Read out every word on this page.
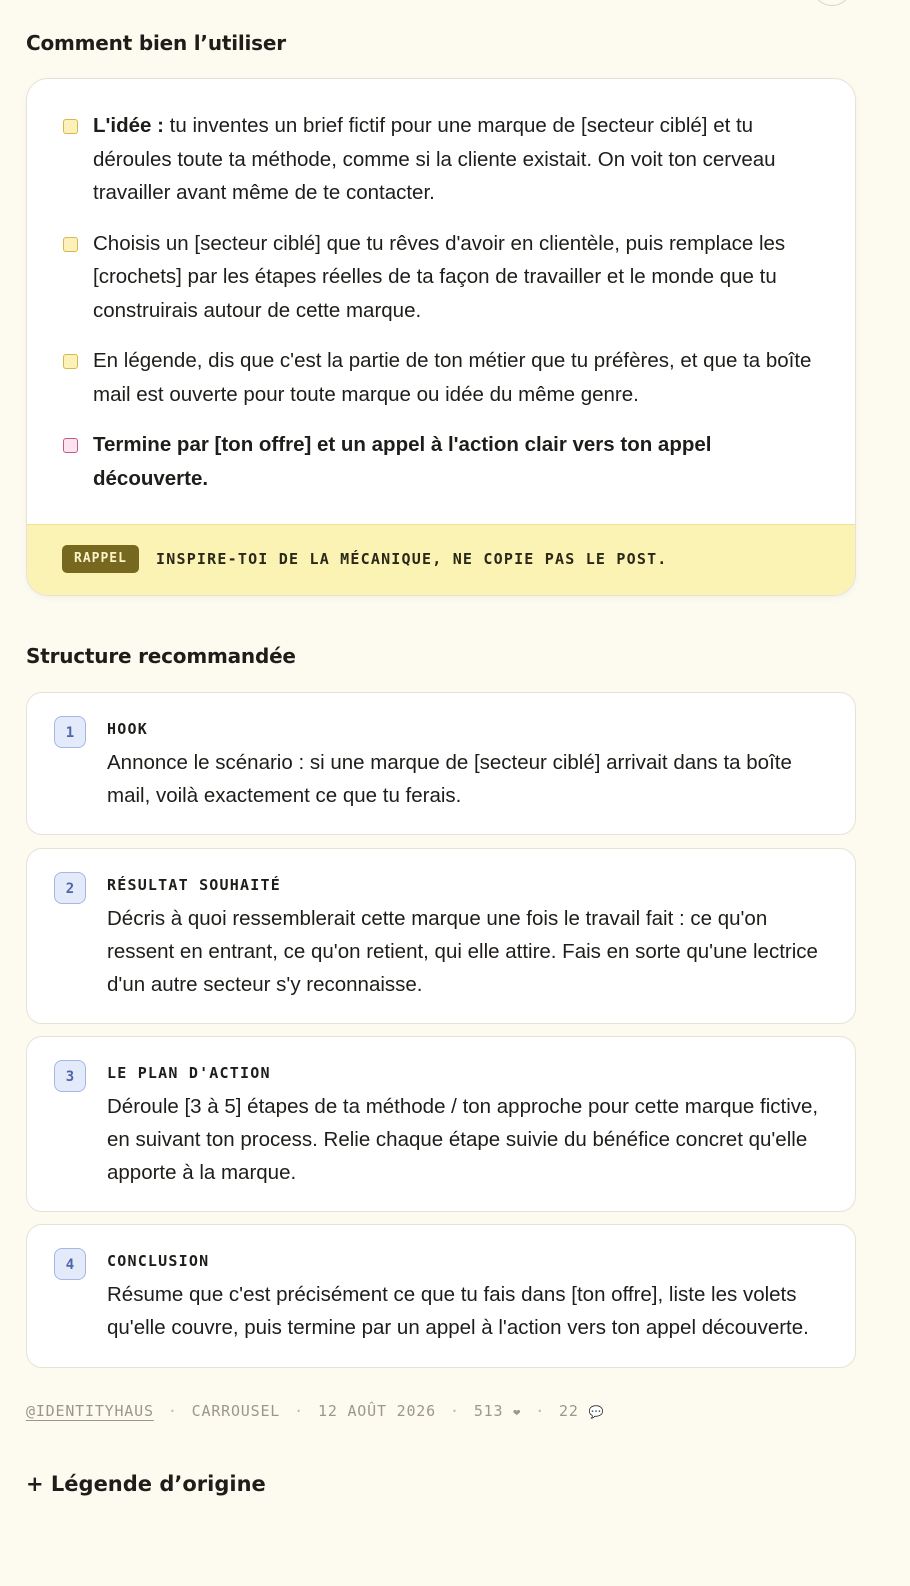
Comment bien l’utiliser
L'idée : tu inventes un brief fictif pour une marque de [secteur ciblé] et tu déroules toute ta méthode, comme si la cliente existait. On voit ton cerveau travailler avant même de te contacter.
Choisis un [secteur ciblé] que tu rêves d'avoir en clientèle, puis remplace les [crochets] par les étapes réelles de ta façon de travailler et le monde que tu construirais autour de cette marque.
En légende, dis que c'est la partie de ton métier que tu préfères, et que ta boîte mail est ouverte pour toute marque ou idée du même genre.
Termine par [ton offre] et un appel à l'action clair vers ton appel découverte.
RAPPEL	INSPIRE-TOI DE LA MÉCANIQUE, NE COPIE PAS LE POST.
Structure recommandée
1	HOOK
Annonce le scénario : si une marque de [secteur ciblé] arrivait dans ta boîte mail, voilà exactement ce que tu ferais.
2	RÉSULTAT SOUHAITÉ
Décris à quoi ressemblerait cette marque une fois le travail fait : ce qu'on ressent en entrant, ce qu'on retient, qui elle attire. Fais en sorte qu'une lectrice d'un autre secteur s'y reconnaisse.
3	LE PLAN D'ACTION
Déroule [3 à 5] étapes de ta méthode / ton approche pour cette marque fictive, en suivant ton process. Relie chaque étape suivie du bénéfice concret qu'elle apporte à la marque.
4	CONCLUSION
Résume que c'est précisément ce que tu fais dans [ton offre], liste les volets qu'elle couvre, puis termine par un appel à l'action vers ton appel découverte.
@IDENTITYHAUS · CARROUSEL · 12 AOÛT 2026 · 513 ❤ · 22 💬
+ Légende d’origine
